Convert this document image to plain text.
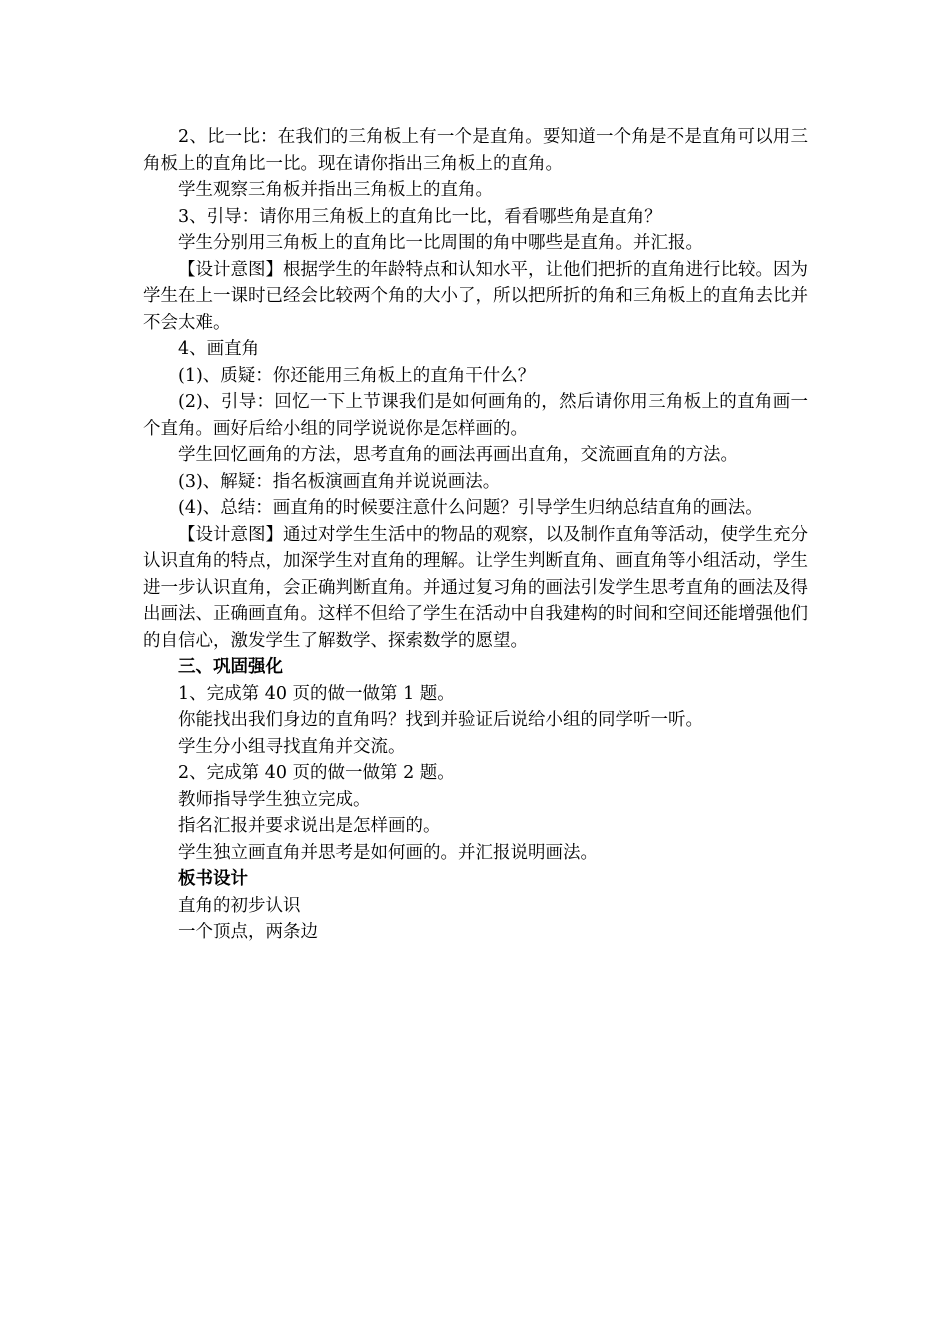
2、比一比：在我们的三角板上有一个是直角。要知道一个角是不是直角可以用三角板上的直角比一比。现在请你指出三角板上的直角。

学生观察三角板并指出三角板上的直角。

3、引导：请你用三角板上的直角比一比，看看哪些角是直角？

学生分别用三角板上的直角比一比周围的角中哪些是直角。并汇报。

【设计意图】根据学生的年龄特点和认知水平，让他们把折的直角进行比较。因为学生在上一课时已经会比较两个角的大小了，所以把所折的角和三角板上的直角去比并不会太难。

4、画直角

(1)、质疑：你还能用三角板上的直角干什么？

(2)、引导：回忆一下上节课我们是如何画角的，然后请你用三角板上的直角画一个直角。画好后给小组的同学说说你是怎样画的。

学生回忆画角的方法，思考直角的画法再画出直角，交流画直角的方法。

(3)、解疑：指名板演画直角并说说画法。

(4)、总结：画直角的时候要注意什么问题？引导学生归纳总结直角的画法。

【设计意图】通过对学生生活中的物品的观察，以及制作直角等活动，使学生充分认识直角的特点，加深学生对直角的理解。让学生判断直角、画直角等小组活动，学生进一步认识直角，会正确判断直角。并通过复习角的画法引发学生思考直角的画法及得出画法、正确画直角。这样不但给了学生在活动中自我建构的时间和空间还能增强他们的自信心，激发学生了解数学、探索数学的愿望。

三、巩固强化

1、完成第 40 页的做一做第 1 题。

你能找出我们身边的直角吗？找到并验证后说给小组的同学听一听。

学生分小组寻找直角并交流。

2、完成第 40 页的做一做第 2 题。

教师指导学生独立完成。

指名汇报并要求说出是怎样画的。

学生独立画直角并思考是如何画的。并汇报说明画法。

板书设计

直角的初步认识

一个顶点，两条边
